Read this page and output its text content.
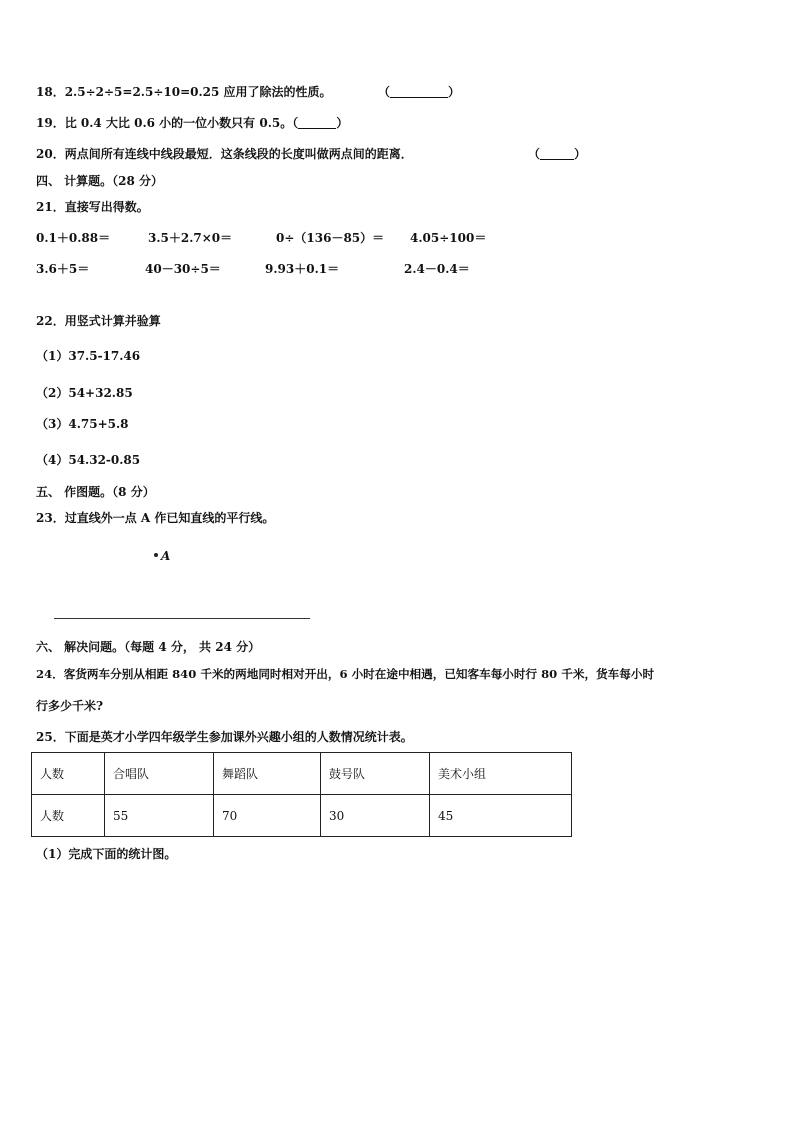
18．2.5÷2÷5=2.5÷10=0.25 应用了除法的性质。	（	）
19．比 0.4 大比 0.6 小的一位小数只有 0.5。（	）
20．两点间所有连线中线段最短．这条线段的长度叫做两点间的距离．	（	）
四、 计算题。（28 分）
21．直接写出得数。
0.1＋0.88＝	3.5＋2.7×0＝	0÷（136－85）＝ 4.05÷100＝
3.6＋5＝	40－30÷5＝	9.93＋0.1＝	2.4－0.4＝
22．用竖式计算并验算
（1）37.5-17.46
（2）54+32.85
（3）4.75+5.8
（4）54.32-0.85
五、 作图题。（8 分）
23．过直线外一点 A 作已知直线的平行线。
A
六、 解决问题。（每题 4 分， 共 24 分）
24．客货两车分别从相距 840 千米的两地同时相对开出，6 小时在途中相遇，已知客车每小时行 80 千米，货车每小时
行多少千米?
25．下面是英才小学四年级学生参加课外兴趣小组的人数情况统计表。
人数	合唱队	舞蹈队	鼓号队	美术小组
人数	55	70	30	45
（1）完成下面的统计图。
